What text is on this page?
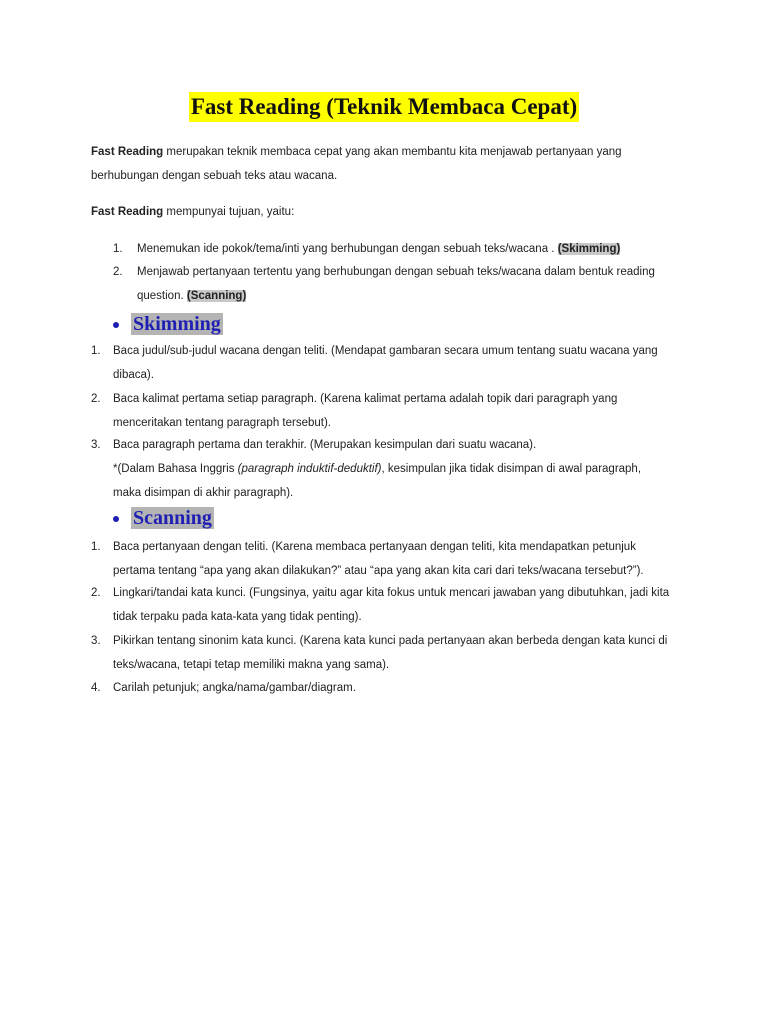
Fast Reading (Teknik Membaca Cepat)
Fast Reading merupakan teknik membaca cepat yang akan membantu kita menjawab pertanyaan yang
berhubungan dengan sebuah teks atau wacana.
Fast Reading mempunyai tujuan, yaitu:
1. Menemukan ide pokok/tema/inti yang berhubungan dengan sebuah teks/wacana . (Skimming)
2. Menjawab pertanyaan tertentu yang berhubungan dengan sebuah teks/wacana dalam bentuk reading
question. (Scanning)
Skimming
1. Baca judul/sub-judul wacana dengan teliti. (Mendapat gambaran secara umum tentang suatu wacana yang
dibaca).
2. Baca kalimat pertama setiap paragraph. (Karena kalimat pertama adalah topik dari paragraph yang
menceritakan tentang paragraph tersebut).
3. Baca paragraph pertama dan terakhir. (Merupakan kesimpulan dari suatu wacana).
*(Dalam Bahasa Inggris (paragraph induktif-deduktif), kesimpulan jika tidak disimpan di awal paragraph,
maka disimpan di akhir paragraph).
Scanning
1. Baca pertanyaan dengan teliti. (Karena membaca pertanyaan dengan teliti, kita mendapatkan petunjuk
pertama tentang “apa yang akan dilakukan?” atau “apa yang akan kita cari dari teks/wacana tersebut?”).
2. Lingkari/tandai kata kunci. (Fungsinya, yaitu agar kita fokus untuk mencari jawaban yang dibutuhkan, jadi kita
tidak terpaku pada kata-kata yang tidak penting).
3. Pikirkan tentang sinonim kata kunci. (Karena kata kunci pada pertanyaan akan berbeda dengan kata kunci di
teks/wacana, tetapi tetap memiliki makna yang sama).
4. Carilah petunjuk; angka/nama/gambar/diagram.
